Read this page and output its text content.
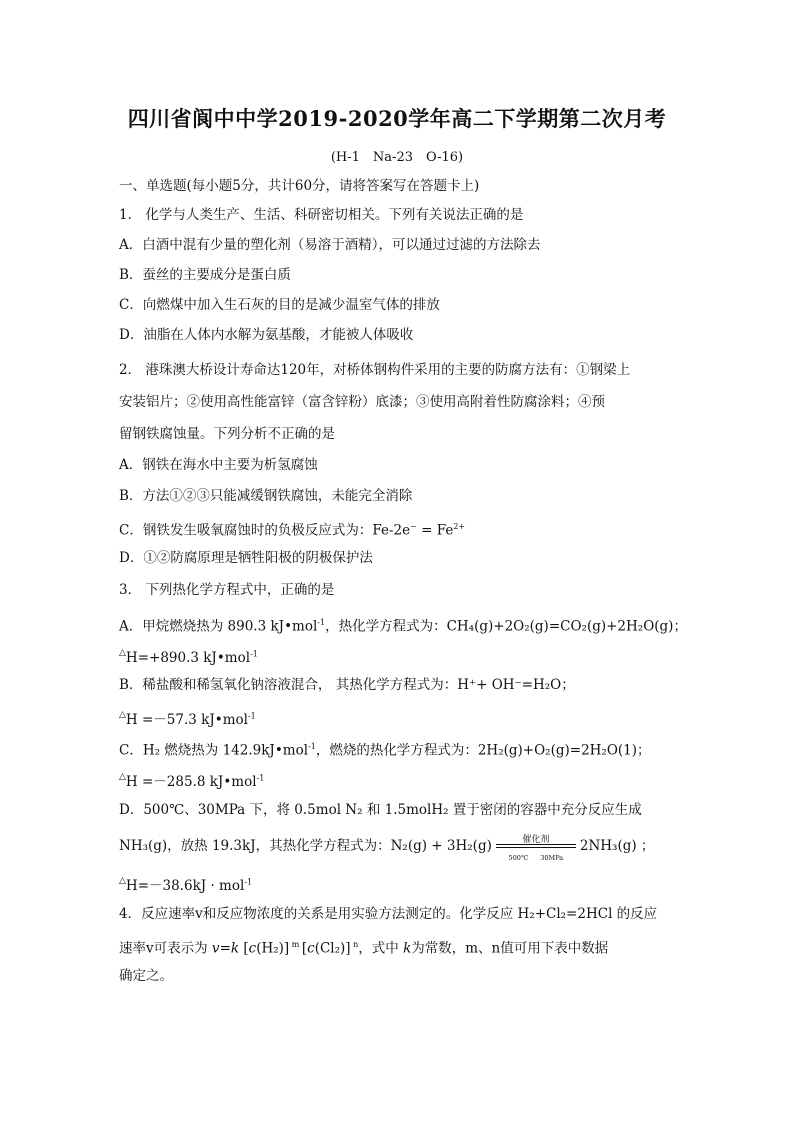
四川省阆中中学2019-2020学年高二下学期第二次月考
(H-1　Na-23　O-16)
一、单选题(每小题5分，共计60分，请将答案写在答题卡上)
1． 化学与人类生产、生活、科研密切相关。下列有关说法正确的是
A．白酒中混有少量的塑化剂（易溶于酒精），可以通过过滤的方法除去
B．蚕丝的主要成分是蛋白质
C．向燃煤中加入生石灰的目的是减少温室气体的排放
D．油脂在人体内水解为氨基酸，才能被人体吸收
2． 港珠澳大桥设计寿命达120年，对桥体钢构件采用的主要的防腐方法有：①钢梁上
安装铝片；②使用高性能富锌（富含锌粉）底漆；③使用高附着性防腐涂料；④预
留钢铁腐蚀量。下列分析不正确的是
A．钢铁在海水中主要为析氢腐蚀
B．方法①②③只能减缓钢铁腐蚀，未能完全消除
C．钢铁发生吸氧腐蚀时的负极反应式为：$Fe-2e^- = Fe^{2+}$
D．①②防腐原理是牺牲阳极的阴极保护法
3． 下列热化学方程式中，正确的是
A．甲烷燃烧热为 890.3 kJ•mol$^{-1}$，热化学方程式为：CH₄(g)+2O₂(g)=CO₂(g)+2H₂O(g)；
△H=+890.3 kJ•mol$^{-1}$
B．稀盐酸和稀氢氧化钠溶液混合， 其热化学方程式为：H⁺+ OH⁻=H₂O；
△H =－57.3 kJ•mol$^{-1}$
C．H₂ 燃烧热为 142.9kJ•mol$^{-1}$，燃烧的热化学方程式为：2H₂(g)+O₂(g)=2H₂O(1)；
△H =－285.8 kJ•mol$^{-1}$
D．500℃、30MPa 下，将 0.5mol N₂ 和 1.5molH₂ 置于密闭的容器中充分反应生成
NH₃(g)，放热 19.3kJ，其热化学方程式为：N₂(g) + 3H₂(g)	催化剂
500℃ 30MPa
2NH₃(g) ；
△H=－38.6kJ · mol$^{-1}$
4．反应速率v和反应物浓度的关系是用实验方法测定的。化学反应 H₂+Cl₂=2HCl 的反应
速率v可表示为 v=k [c(H₂)] $^m$ [c(Cl₂)] $^n$，式中 k为常数，m、n值可用下表中数据
确定之。
